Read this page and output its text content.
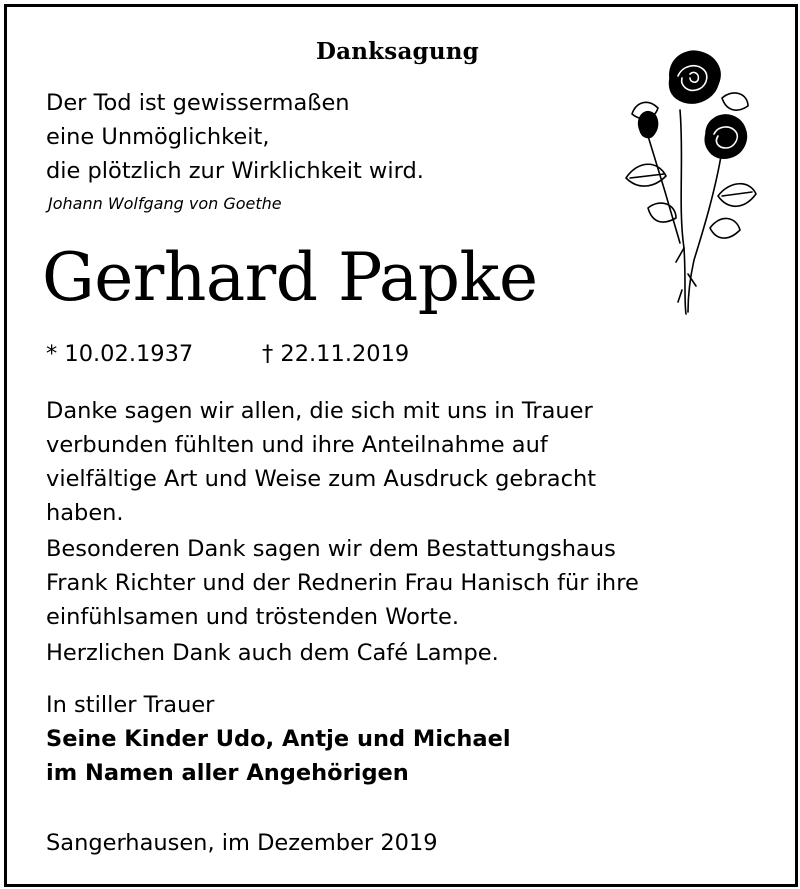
Danksagung
Der Tod ist gewissermaßen
eine Unmöglichkeit,
die plötzlich zur Wirklichkeit wird.
Johann Wolfgang von Goethe
Gerhard Papke
* 10.02.1937	† 22.11.2019
Danke sagen wir allen, die sich mit uns in Trauer
verbunden fühlten und ihre Anteilnahme auf
vielfältige Art und Weise zum Ausdruck gebracht
haben.
Besonderen Dank sagen wir dem Bestattungshaus
Frank Richter und der Rednerin Frau Hanisch für ihre
einfühlsamen und tröstenden Worte.
Herzlichen Dank auch dem Café Lampe.
In stiller Trauer
Seine Kinder Udo, Antje und Michael
im Namen aller Angehörigen
Sangerhausen, im Dezember 2019
